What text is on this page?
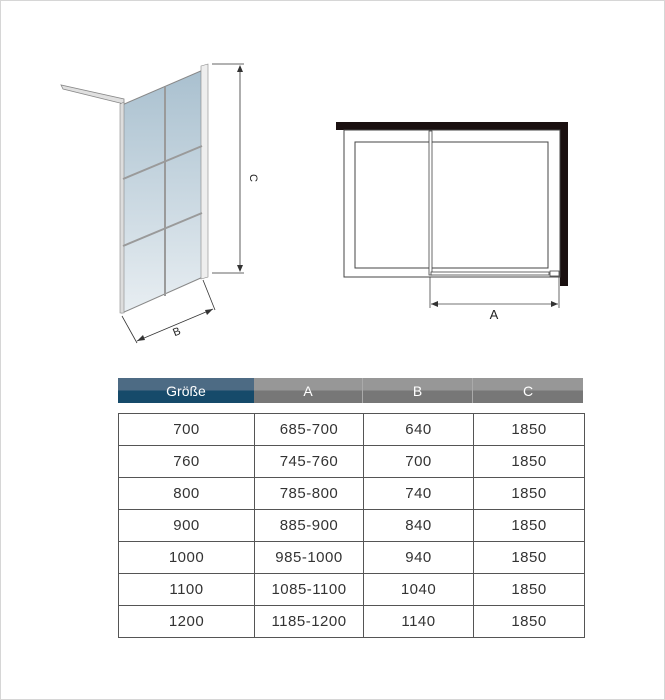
C
B
A
Größe	A	B	C
700	685-700	640	1850
760	745-760	700	1850
800	785-800	740	1850
900	885-900	840	1850
1000	985-1000	940	1850
1100	1085-1100	1040	1850
1200	1185-1200	1140	1850
